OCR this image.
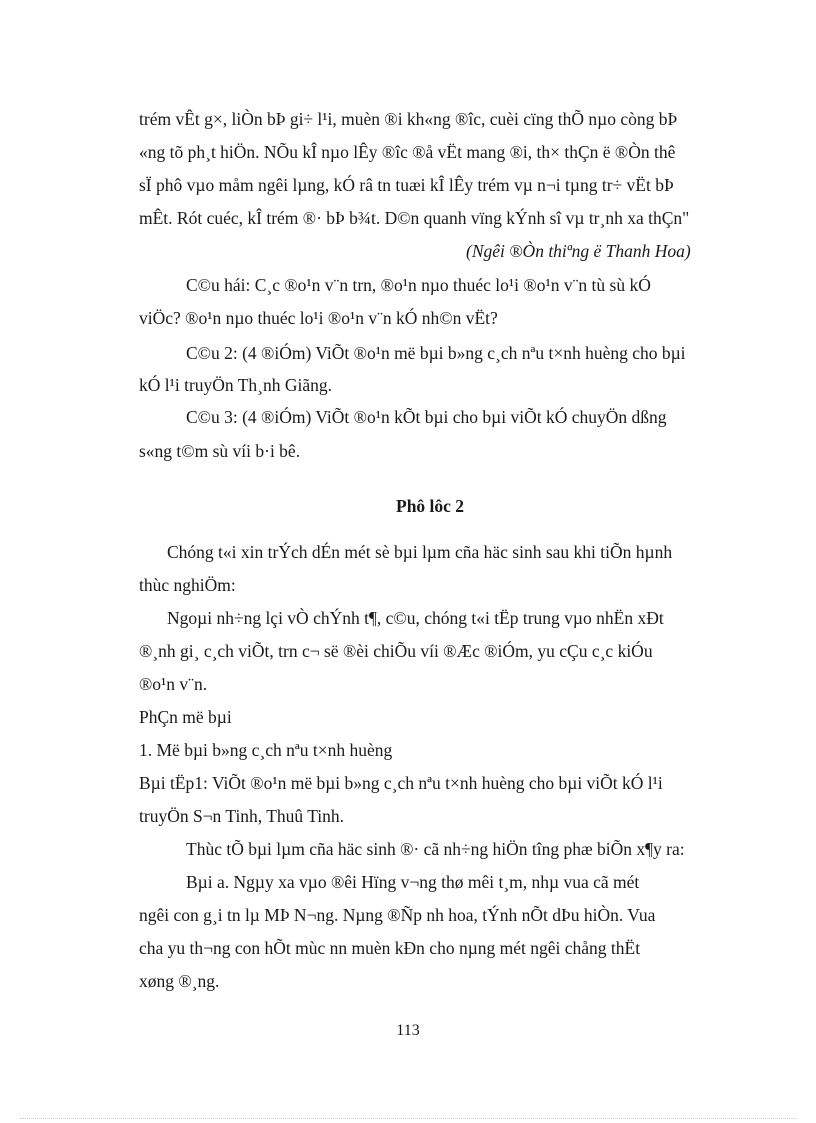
trém vÊt g×, liÒn bÞ gi÷ l¹i, muèn ®i kh«ng ®îc, cuèi cïng thÕ nµo còng bÞ
«ng tõ ph¸t hiÖn. NÕu kÎ nµo lÊy ®îc ®å vËt mang ®i, th× thÇn ë ®Òn thê
sÏ phô vµo måm ngêi lµng, kÓ râ tn tuæi kÎ lÊy trém vµ n¬i tµng tr÷ vËt bÞ
mÊt. Rót cuéc, kÎ trém ®· bÞ b¾t. D©n quanh vïng kÝnh sî vµ tr¸nh xa thÇn"
(Ngêi ®Òn thiªng ë Thanh Hoa)
C©u hái: C¸c ®o¹n v¨n trn, ®o¹n nµo thuéc lo¹i ®o¹n v¨n tù sù kÓ
viÖc? ®o¹n nµo thuéc lo¹i ®o¹n v¨n kÓ nh©n vËt?
C©u 2: (4 ®iÓm) ViÕt ®o¹n më bµi b»ng c¸ch nªu t×nh huèng cho bµi
kÓ l¹i truyÖn Th¸nh Giãng.
C©u 3: (4 ®iÓm) ViÕt ®o¹n kÕt bµi cho bµi viÕt kÓ chuyÖn dßng
s«ng t©m sù víi b·i bê.
Phô lôc 2
Chóng t«i xin trÝch dÉn mét sè bµi lµm cña häc sinh sau khi tiÕn hµnh
thùc nghiÖm:
Ngoµi nh÷ng lçi vÒ chÝnh t¶, c©u, chóng t«i tËp trung vµo nhËn xÐt
®¸nh gi¸ c¸ch viÕt, trn c¬ së ®èi chiÕu víi ®Æc ®iÓm, yu cÇu c¸c kiÓu
®o¹n v¨n.
PhÇn më bµi
1. Më bµi b»ng c¸ch nªu t×nh huèng
Bµi tËp1: ViÕt ®o¹n më bµi b»ng c¸ch nªu t×nh huèng cho bµi viÕt kÓ l¹i
truyÖn S¬n Tinh, Thuû Tinh.
Thùc tÕ bµi lµm cña häc sinh ®· cã nh÷ng hiÖn tîng phæ biÕn x¶y ra:
Bµi a. Ngµy xa vµo ®êi Hïng v¬ng thø mêi t¸m, nhµ vua cã mét
ngêi con g¸i tn lµ MÞ N¬ng. Nµng ®Ñp nh hoa, tÝnh nÕt dÞu hiÒn. Vua
cha yu th¬ng con hÕt mùc nn muèn kÐn cho nµng mét ngêi chång thËt
xøng ®¸ng.
113
